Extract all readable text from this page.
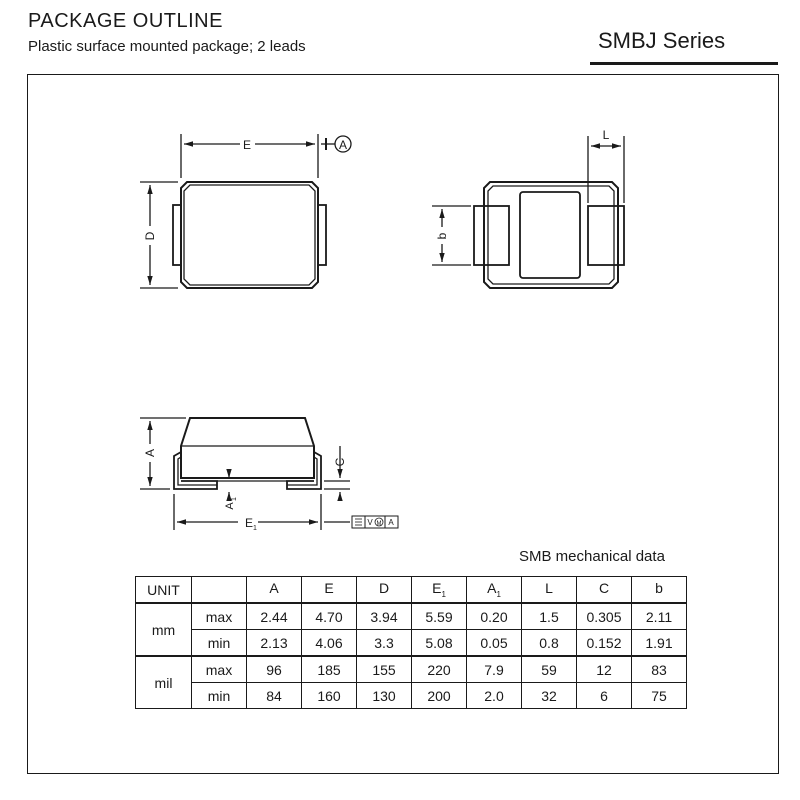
PACKAGE OUTLINE
Plastic surface mounted package; 2 leads	SMBJ Series
E	A
D
L
b
A
C
A
1
E 1
V M A
SMB mechanical data
UNIT		A	E	D	$E_1$	$A_1$	L	C	b
mm	max	2.44	4.70	3.94	5.59	0.20	1.5	0.305	2.11
	min	2.13	4.06	3.3	5.08	0.05	0.8	0.152	1.91
mil	max	96	185	155	220	7.9	59	12	83
	min	84	160	130	200	2.0	32	6	75
